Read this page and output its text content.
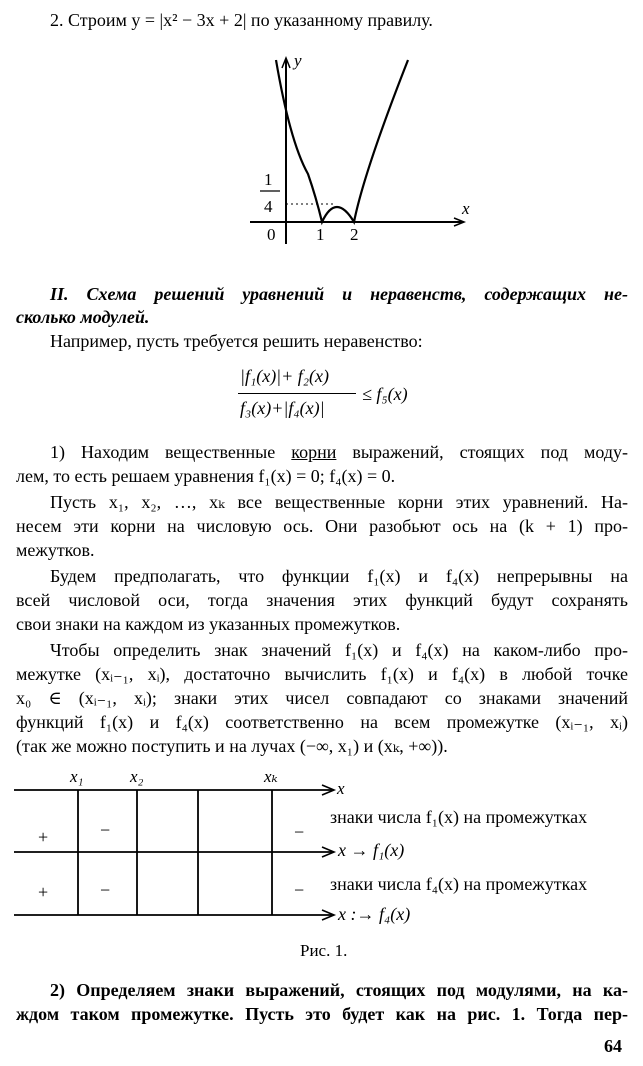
2. Строим y = |x² − 3x + 2| по указанному правилу.
y
x
1
4
0 1 2
II. Схема решений уравнений и неравенств, содержащих не-
сколько модулей.
Например, пусть требуется решить неравенство:
|f₁(x)|+ f₂(x)
f₃(x)+|f₄(x)|
≤ f₅(x)
1) Находим вещественные корни выражений, стоящих под моду-
лем, то есть решаем уравнения f₁(x) = 0; f₄(x) = 0.
Пусть x₁, x₂, …, xₖ все вещественные корни этих уравнений. На-
несем эти корни на числовую ось. Они разобьют ось на (k + 1) про-
межутков.
Будем предполагать, что функции f₁(x) и f₄(x) непрерывны на
всей числовой оси, тогда значения этих функций будут сохранять
свои знаки на каждом из указанных промежутков.
Чтобы определить знак значений f₁(x) и f₄(x) на каком-либо про-
межутке (xᵢ₋₁, xᵢ), достаточно вычислить f₁(x) и f₄(x) в любой точке
x₀ ∈ (xᵢ₋₁, xᵢ); знаки этих чисел совпадают со знаками значений
функций f₁(x) и f₄(x) соответственно на всем промежутке (xᵢ₋₁, xᵢ)
(так же можно поступить и на лучах (−∞, x₁) и (xₖ, +∞)).
x₁	x₂	xₖ
x
+	−	−
+	−	−
знаки числа f₁(x) на промежутках
x → f₁(x)
знаки числа f₄(x) на промежутках
x :→ f₄(x)
Рис. 1.
2) Определяем знаки выражений, стоящих под модулями, на ка-
ждом таком промежутке. Пусть это будет как на рис. 1. Тогда пер-
64
